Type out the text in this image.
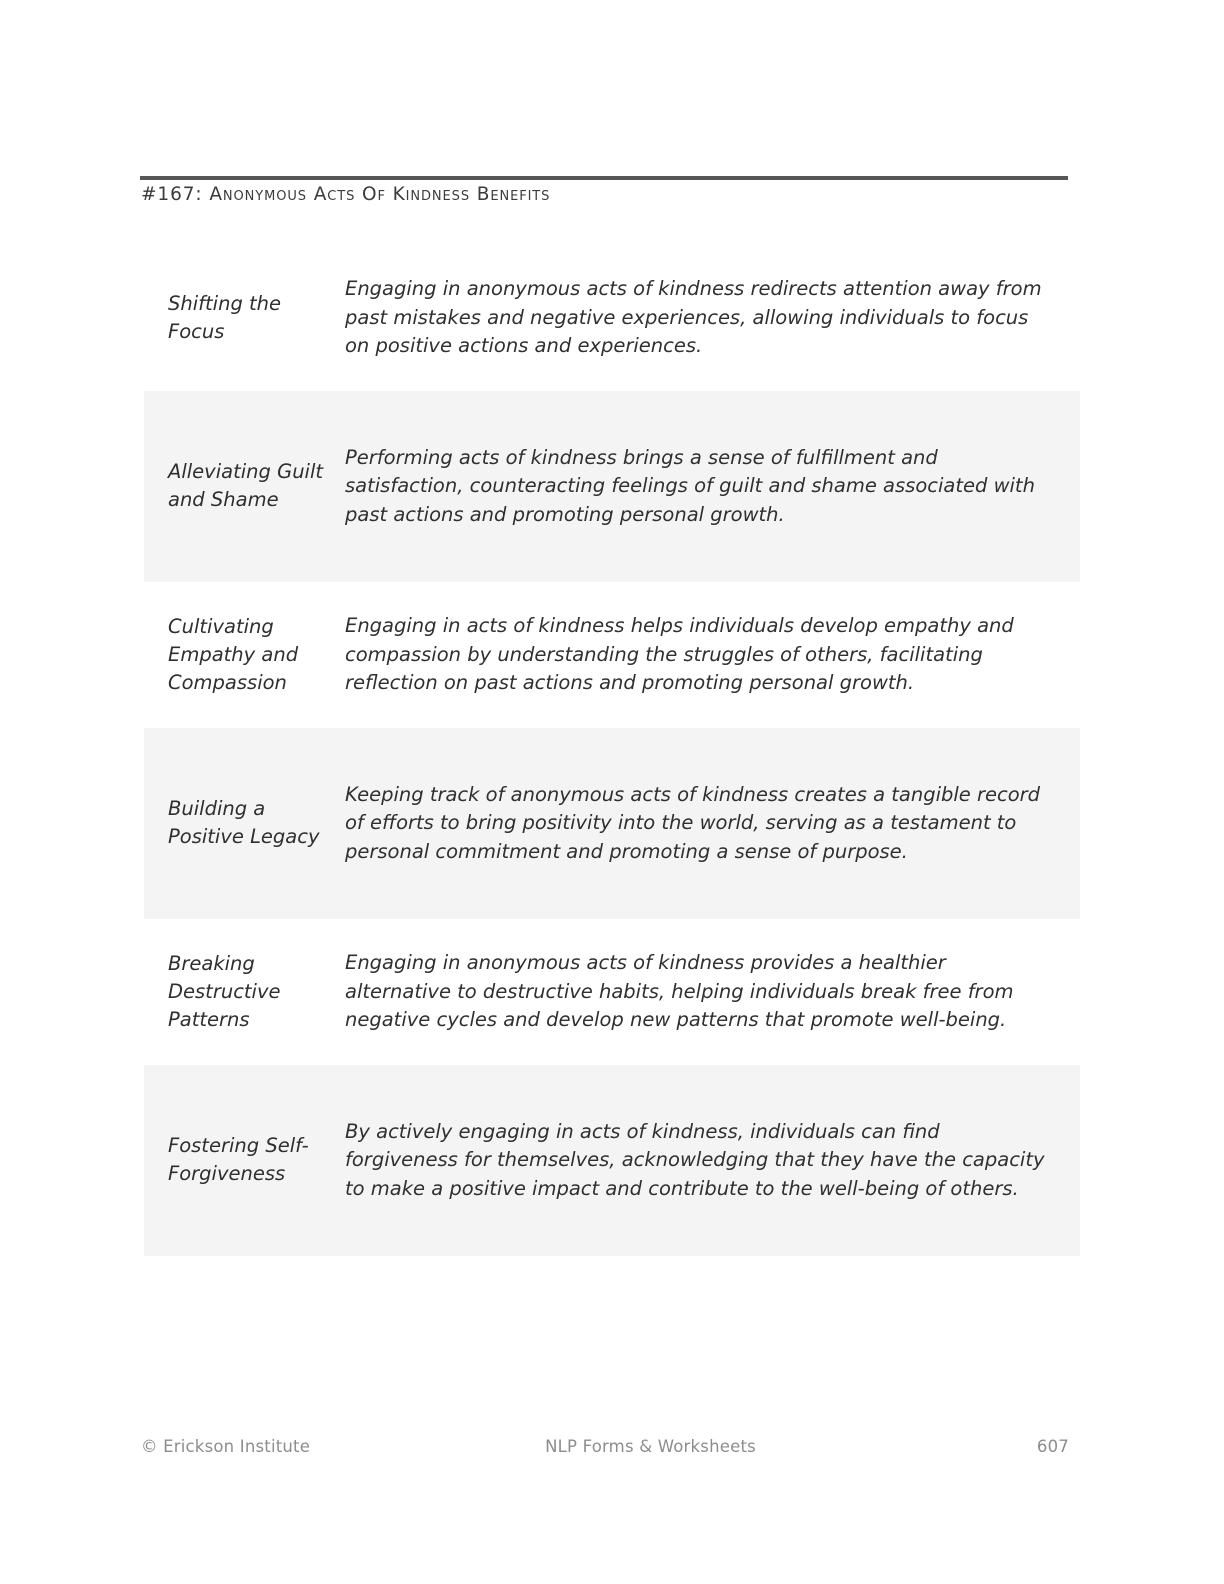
#167: Anonymous Acts Of Kindness Benefits
Shifting the Focus
Engaging in anonymous acts of kindness redirects attention away from past mistakes and negative experiences, allowing individuals to focus on positive actions and experiences.
Alleviating Guilt and Shame
Performing acts of kindness brings a sense of fulfillment and satisfaction, counteracting feelings of guilt and shame associated with past actions and promoting personal growth.
Cultivating Empathy and Compassion
Engaging in acts of kindness helps individuals develop empathy and compassion by understanding the struggles of others, facilitating reflection on past actions and promoting personal growth.
Building a Positive Legacy
Keeping track of anonymous acts of kindness creates a tangible record of efforts to bring positivity into the world, serving as a testament to personal commitment and promoting a sense of purpose.
Breaking Destructive Patterns
Engaging in anonymous acts of kindness provides a healthier alternative to destructive habits, helping individuals break free from negative cycles and develop new patterns that promote well-being.
Fostering Self-Forgiveness
By actively engaging in acts of kindness, individuals can find forgiveness for themselves, acknowledging that they have the capacity to make a positive impact and contribute to the well-being of others.
© Erickson Institute	NLP Forms & Worksheets	607
